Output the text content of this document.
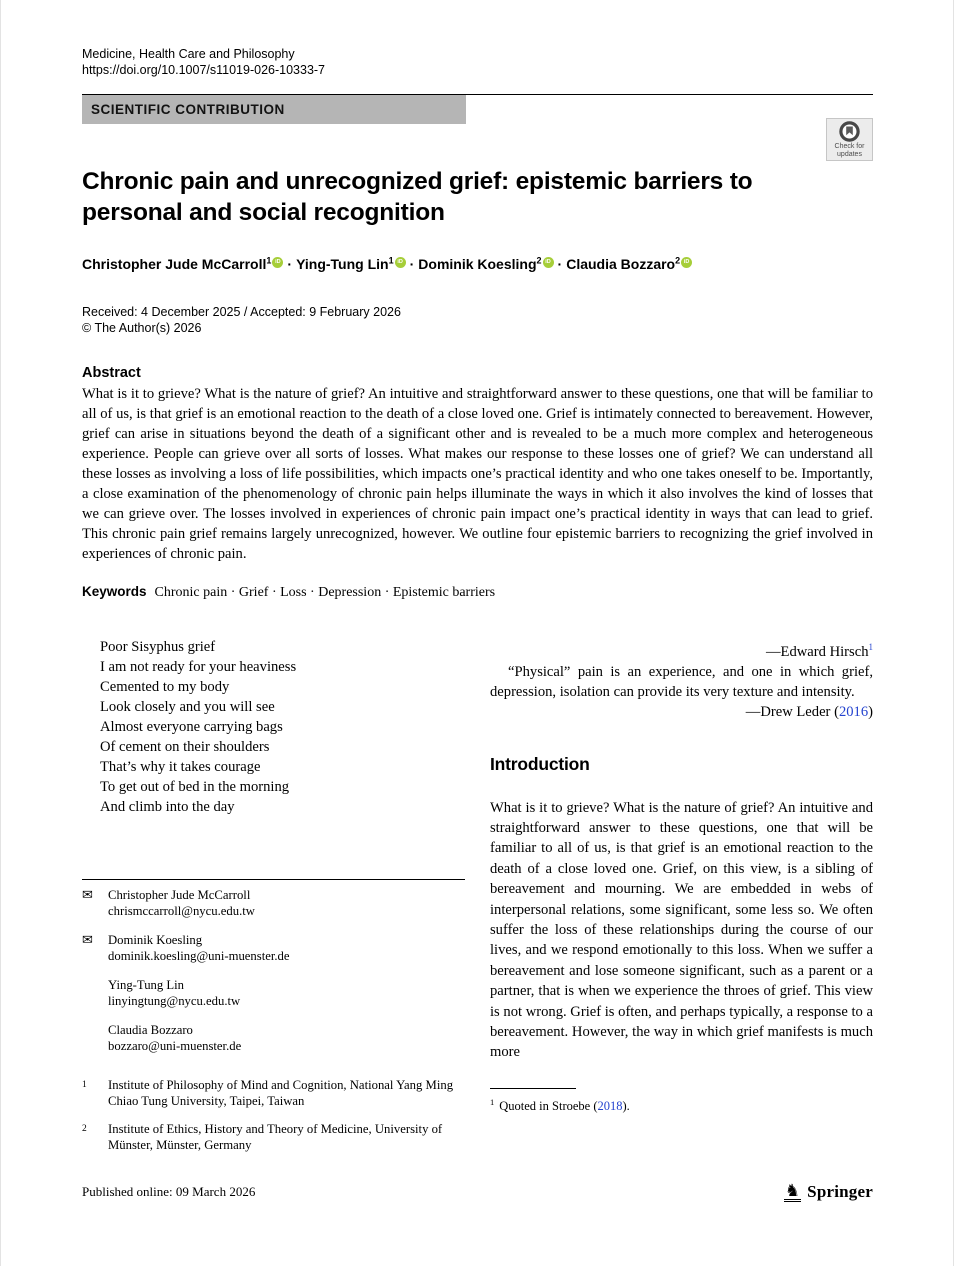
Medicine, Health Care and Philosophy
https://doi.org/10.1007/s11019-026-10333-7
SCIENTIFIC CONTRIBUTION
Chronic pain and unrecognized grief: epistemic barriers to personal and social recognition
Christopher Jude McCarroll$^1$ iD · Ying-Tung Lin$^1$ iD · Dominik Koesling$^2$ iD · Claudia Bozzaro$^2$iD
Received: 4 December 2025 / Accepted: 9 February 2026
© The Author(s) 2026
Abstract

What is it to grieve? What is the nature of grief? An intuitive and straightforward answer to these questions, one that will be familiar to all of us, is that grief is an emotional reaction to the death of a close loved one. Grief is intimately connected to bereavement. However, grief can arise in situations beyond the death of a significant other and is revealed to be a much more complex and heterogeneous experience. People can grieve over all sorts of losses. What makes our response to these losses one of grief? We can understand all these losses as involving a loss of life possibilities, which impacts one’s practical identity and who one takes oneself to be. Importantly, a close examination of the phenomenology of chronic pain helps illuminate the ways in which it also involves the kind of losses that we can grieve over. The losses involved in experiences of chronic pain impact one’s practical identity in ways that can lead to grief. This chronic pain grief remains largely unrecognized, however. We outline four epistemic barriers to recognizing the grief involved in experiences of chronic pain.

Keywords Chronic pain · Grief · Loss · Depression · Epistemic barriers
Poor Sisyphus grief
I am not ready for your heaviness
Cemented to my body
Look closely and you will see
Almost everyone carrying bags
Of cement on their shoulders
That’s why it takes courage
To get out of bed in the morning
And climb into the day
✉
Christopher Jude McCarroll
chrismccarroll@nycu.edu.tw
✉
Dominik Koesling
dominik.koesling@uni-muenster.de
Ying-Tung Lin
linyingtung@nycu.edu.tw
Claudia Bozzaro
bozzaro@uni-muenster.de
1	Institute of Philosophy of Mind and Cognition, National Yang Ming Chiao Tung University, Taipei, Taiwan
2	Institute of Ethics, History and Theory of Medicine, University of Münster, Münster, Germany
—Edward Hirsch$^1$

“Physical” pain is an experience, and one in which grief, depression, isolation can provide its very texture and intensity.

—Drew Leder (2016)
Introduction

What is it to grieve? What is the nature of grief? An intuitive and straightforward answer to these questions, one that will be familiar to all of us, is that grief is an emotional reaction to the death of a close loved one. Grief, on this view, is a sibling of bereavement and mourning. We are embedded in webs of interpersonal relations, some significant, some less so. We often suffer the loss of these relationships during the course of our lives, and we respond emotionally to this loss. When we suffer a bereavement and lose someone significant, such as a parent or a partner, that is when we experience the throes of grief. This view is not wrong. Grief is often, and perhaps typically, a response to a bereavement. However, the way in which grief manifests is much more

$^1$ Quoted in Stroebe (2018).
Check for
updates
Published online: 09 March 2026	♞ Springer
